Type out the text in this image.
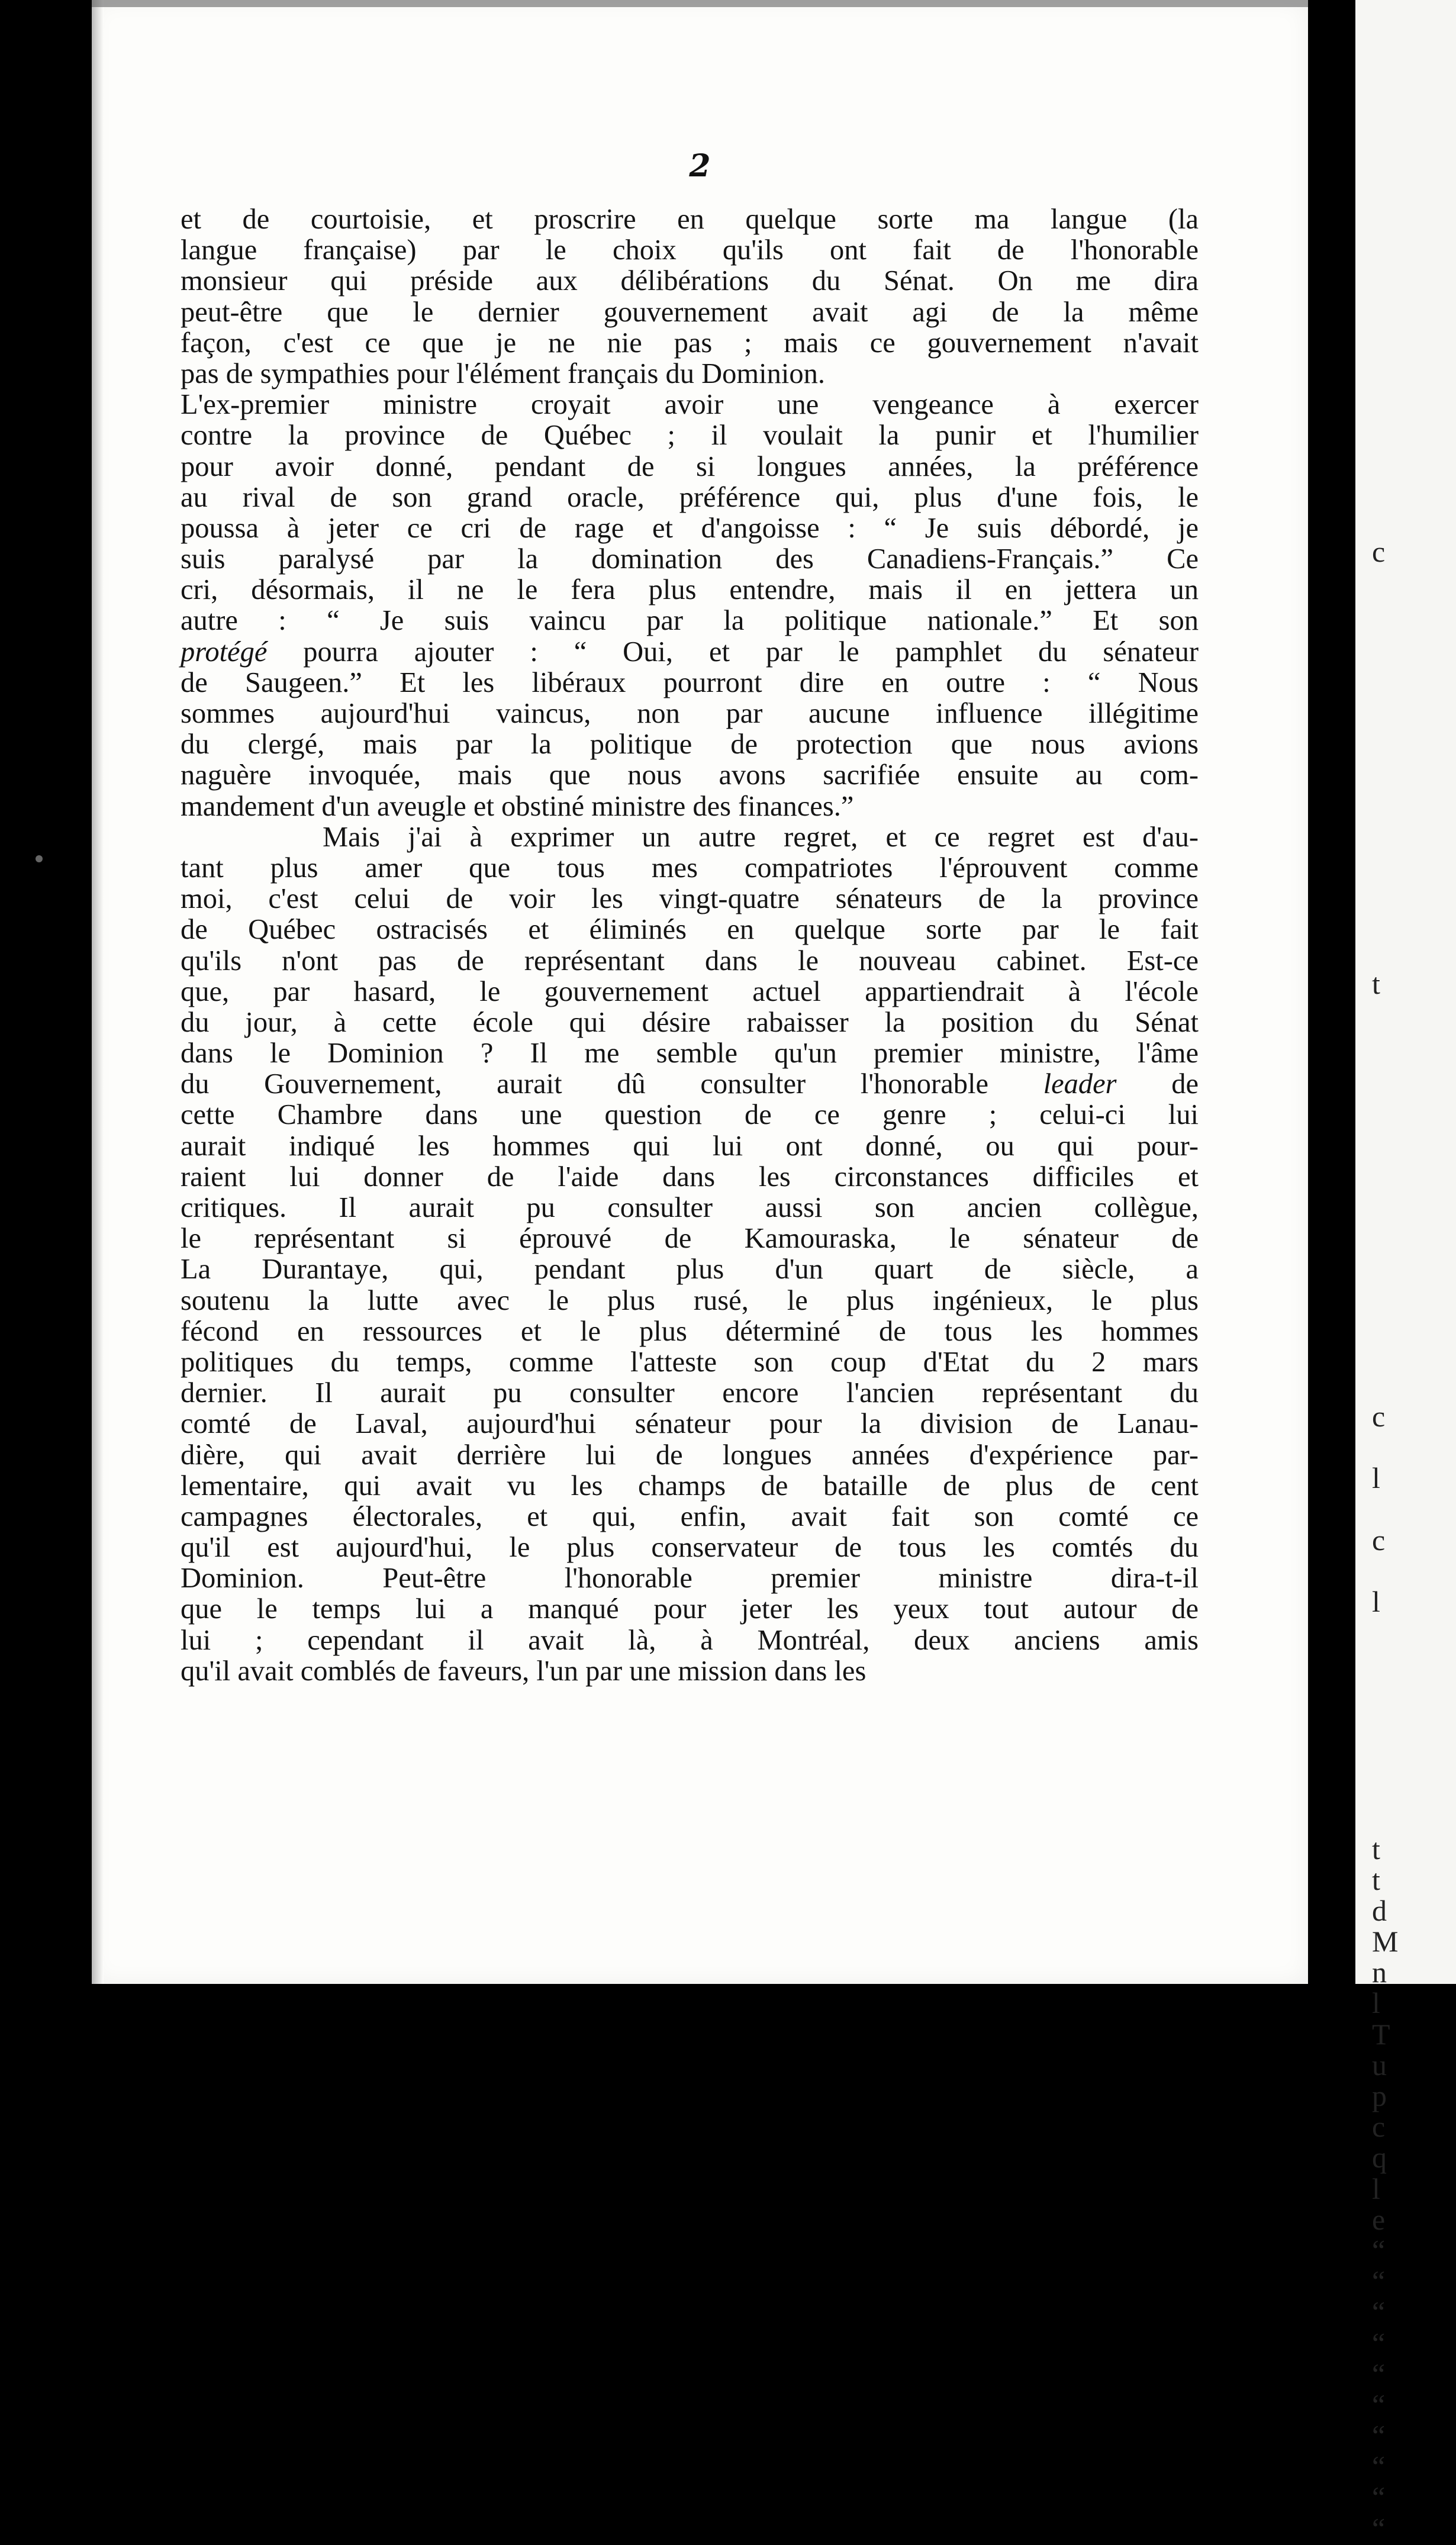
2
et de courtoisie, et proscrire en quelque sorte ma langue (la
langue française) par le choix qu'ils ont fait de l'honorable
monsieur qui préside aux délibérations du Sénat. On me dira
peut-être que le dernier gouvernement avait agi de la même
façon, c'est ce que je ne nie pas ; mais ce gouvernement n'avait
pas de sympathies pour l'élément français du Dominion.
L'ex-premier ministre croyait avoir une vengeance à exercer
contre la province de Québec ; il voulait la punir et l'humilier
pour avoir donné, pendant de si longues années, la préférence
au rival de son grand oracle, préférence qui, plus d'une fois, le
poussa à jeter ce cri de rage et d'angoisse : “ Je suis débordé, je
suis paralysé par la domination des Canadiens-Français.” Ce
cri, désormais, il ne le fera plus entendre, mais il en jettera un
autre : “ Je suis vaincu par la politique nationale.” Et son
protégé pourra ajouter : “ Oui, et par le pamphlet du sénateur
de Saugeen.” Et les libéraux pourront dire en outre : “ Nous
sommes aujourd'hui vaincus, non par aucune influence illégitime
du clergé, mais par la politique de protection que nous avions
naguère invoquée, mais que nous avons sacrifiée ensuite au com-
mandement d'un aveugle et obstiné ministre des finances.”
Mais j'ai à exprimer un autre regret, et ce regret est d'au-
tant plus amer que tous mes compatriotes l'éprouvent comme
moi, c'est celui de voir les vingt-quatre sénateurs de la province
de Québec ostracisés et éliminés en quelque sorte par le fait
qu'ils n'ont pas de représentant dans le nouveau cabinet. Est-ce
que, par hasard, le gouvernement actuel appartiendrait à l'école
du jour, à cette école qui désire rabaisser la position du Sénat
dans le Dominion ? Il me semble qu'un premier ministre, l'âme
du Gouvernement, aurait dû consulter l'honorable leader de
cette Chambre dans une question de ce genre ; celui-ci lui
aurait indiqué les hommes qui lui ont donné, ou qui pour-
raient lui donner de l'aide dans les circonstances difficiles et
critiques. Il aurait pu consulter aussi son ancien collègue,
le représentant si éprouvé de Kamouraska, le sénateur de
La Durantaye, qui, pendant plus d'un quart de siècle, a
soutenu la lutte avec le plus rusé, le plus ingénieux, le plus
fécond en ressources et le plus déterminé de tous les hommes
politiques du temps, comme l'atteste son coup d'Etat du 2 mars
dernier. Il aurait pu consulter encore l'ancien représentant du
comté de Laval, aujourd'hui sénateur pour la division de Lanau-
dière, qui avait derrière lui de longues années d'expérience par-
lementaire, qui avait vu les champs de bataille de plus de cent
campagnes électorales, et qui, enfin, avait fait son comté ce
qu'il est aujourd'hui, le plus conservateur de tous les comtés du
Dominion. Peut-être l'honorable premier ministre dira-t-il
que le temps lui a manqué pour jeter les yeux tout autour de
lui ; cependant il avait là, à Montréal, deux anciens amis
qu'il avait comblés de faveurs, l'un par une mission dans les
c
t
c
l
c
l
t
t
d
M
n
l
T
u
p
c
q
l
e
“
“
“
“
“
“
“
“
“
“
